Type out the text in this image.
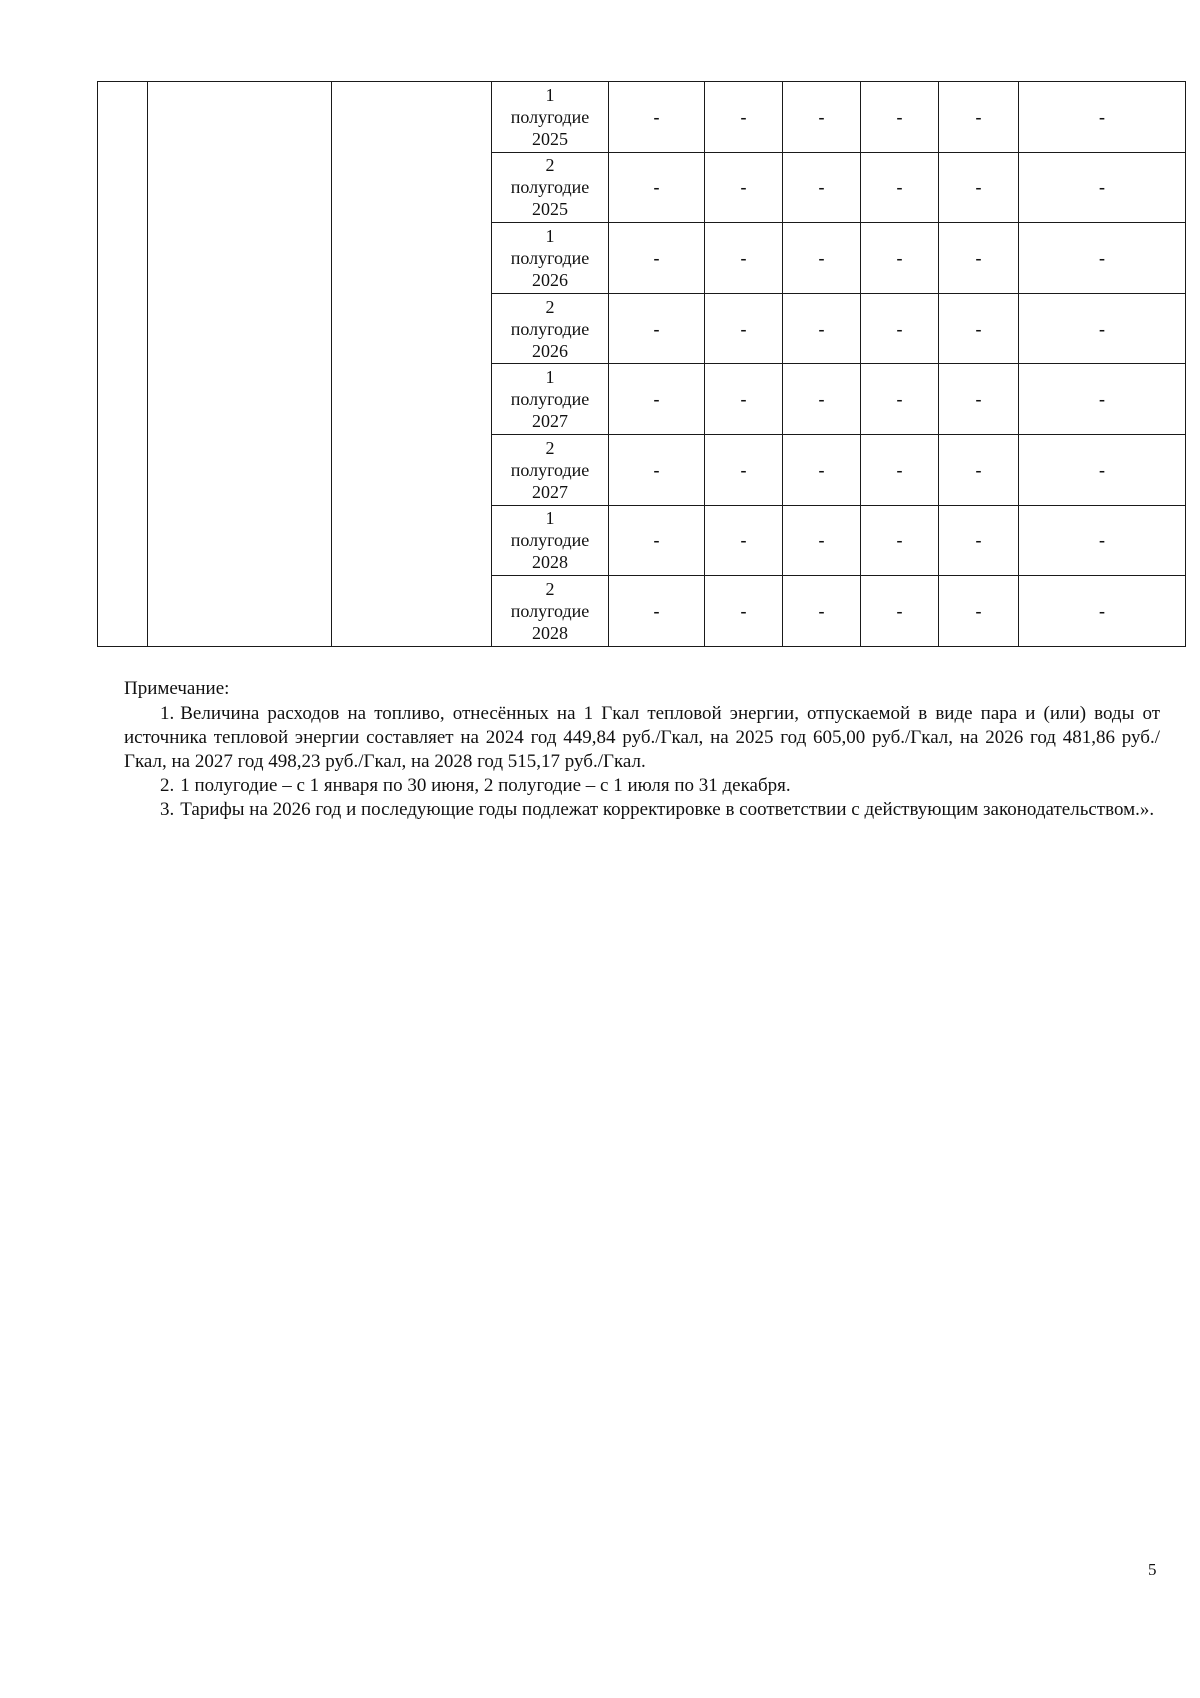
			1
полугодие
2025	-	-	-	-	-	-

			2
полугодие
2025	-	-	-	-	-	-

			1
полугодие
2026	-	-	-	-	-	-

			2
полугодие
2026	-	-	-	-	-	-

			1
полугодие
2027	-	-	-	-	-	-

			2
полугодие
2027	-	-	-	-	-	-

			1
полугодие
2028	-	-	-	-	-	-

			2
полугодие
2028	-	-	-	-	-	-
Примечание:

1. Величина расходов на топливо, отнесённых на 1 Гкал тепловой энергии, отпускаемой в виде пара и (или) воды от источника тепловой энергии составляет на 2024 год 449,84 руб./Гкал, на 2025 год 605,00 руб./Гкал, на 2026 год 481,86 руб./Гкал, на 2027 год 498,23 руб./Гкал, на 2028 год 515,17 руб./Гкал.

2. 1 полугодие – с 1 января по 30 июня, 2 полугодие – с 1 июля по 31 декабря.

3. Тарифы на 2026 год и последующие годы подлежат корректировке в соответствии с действующим законодательством.».

5
